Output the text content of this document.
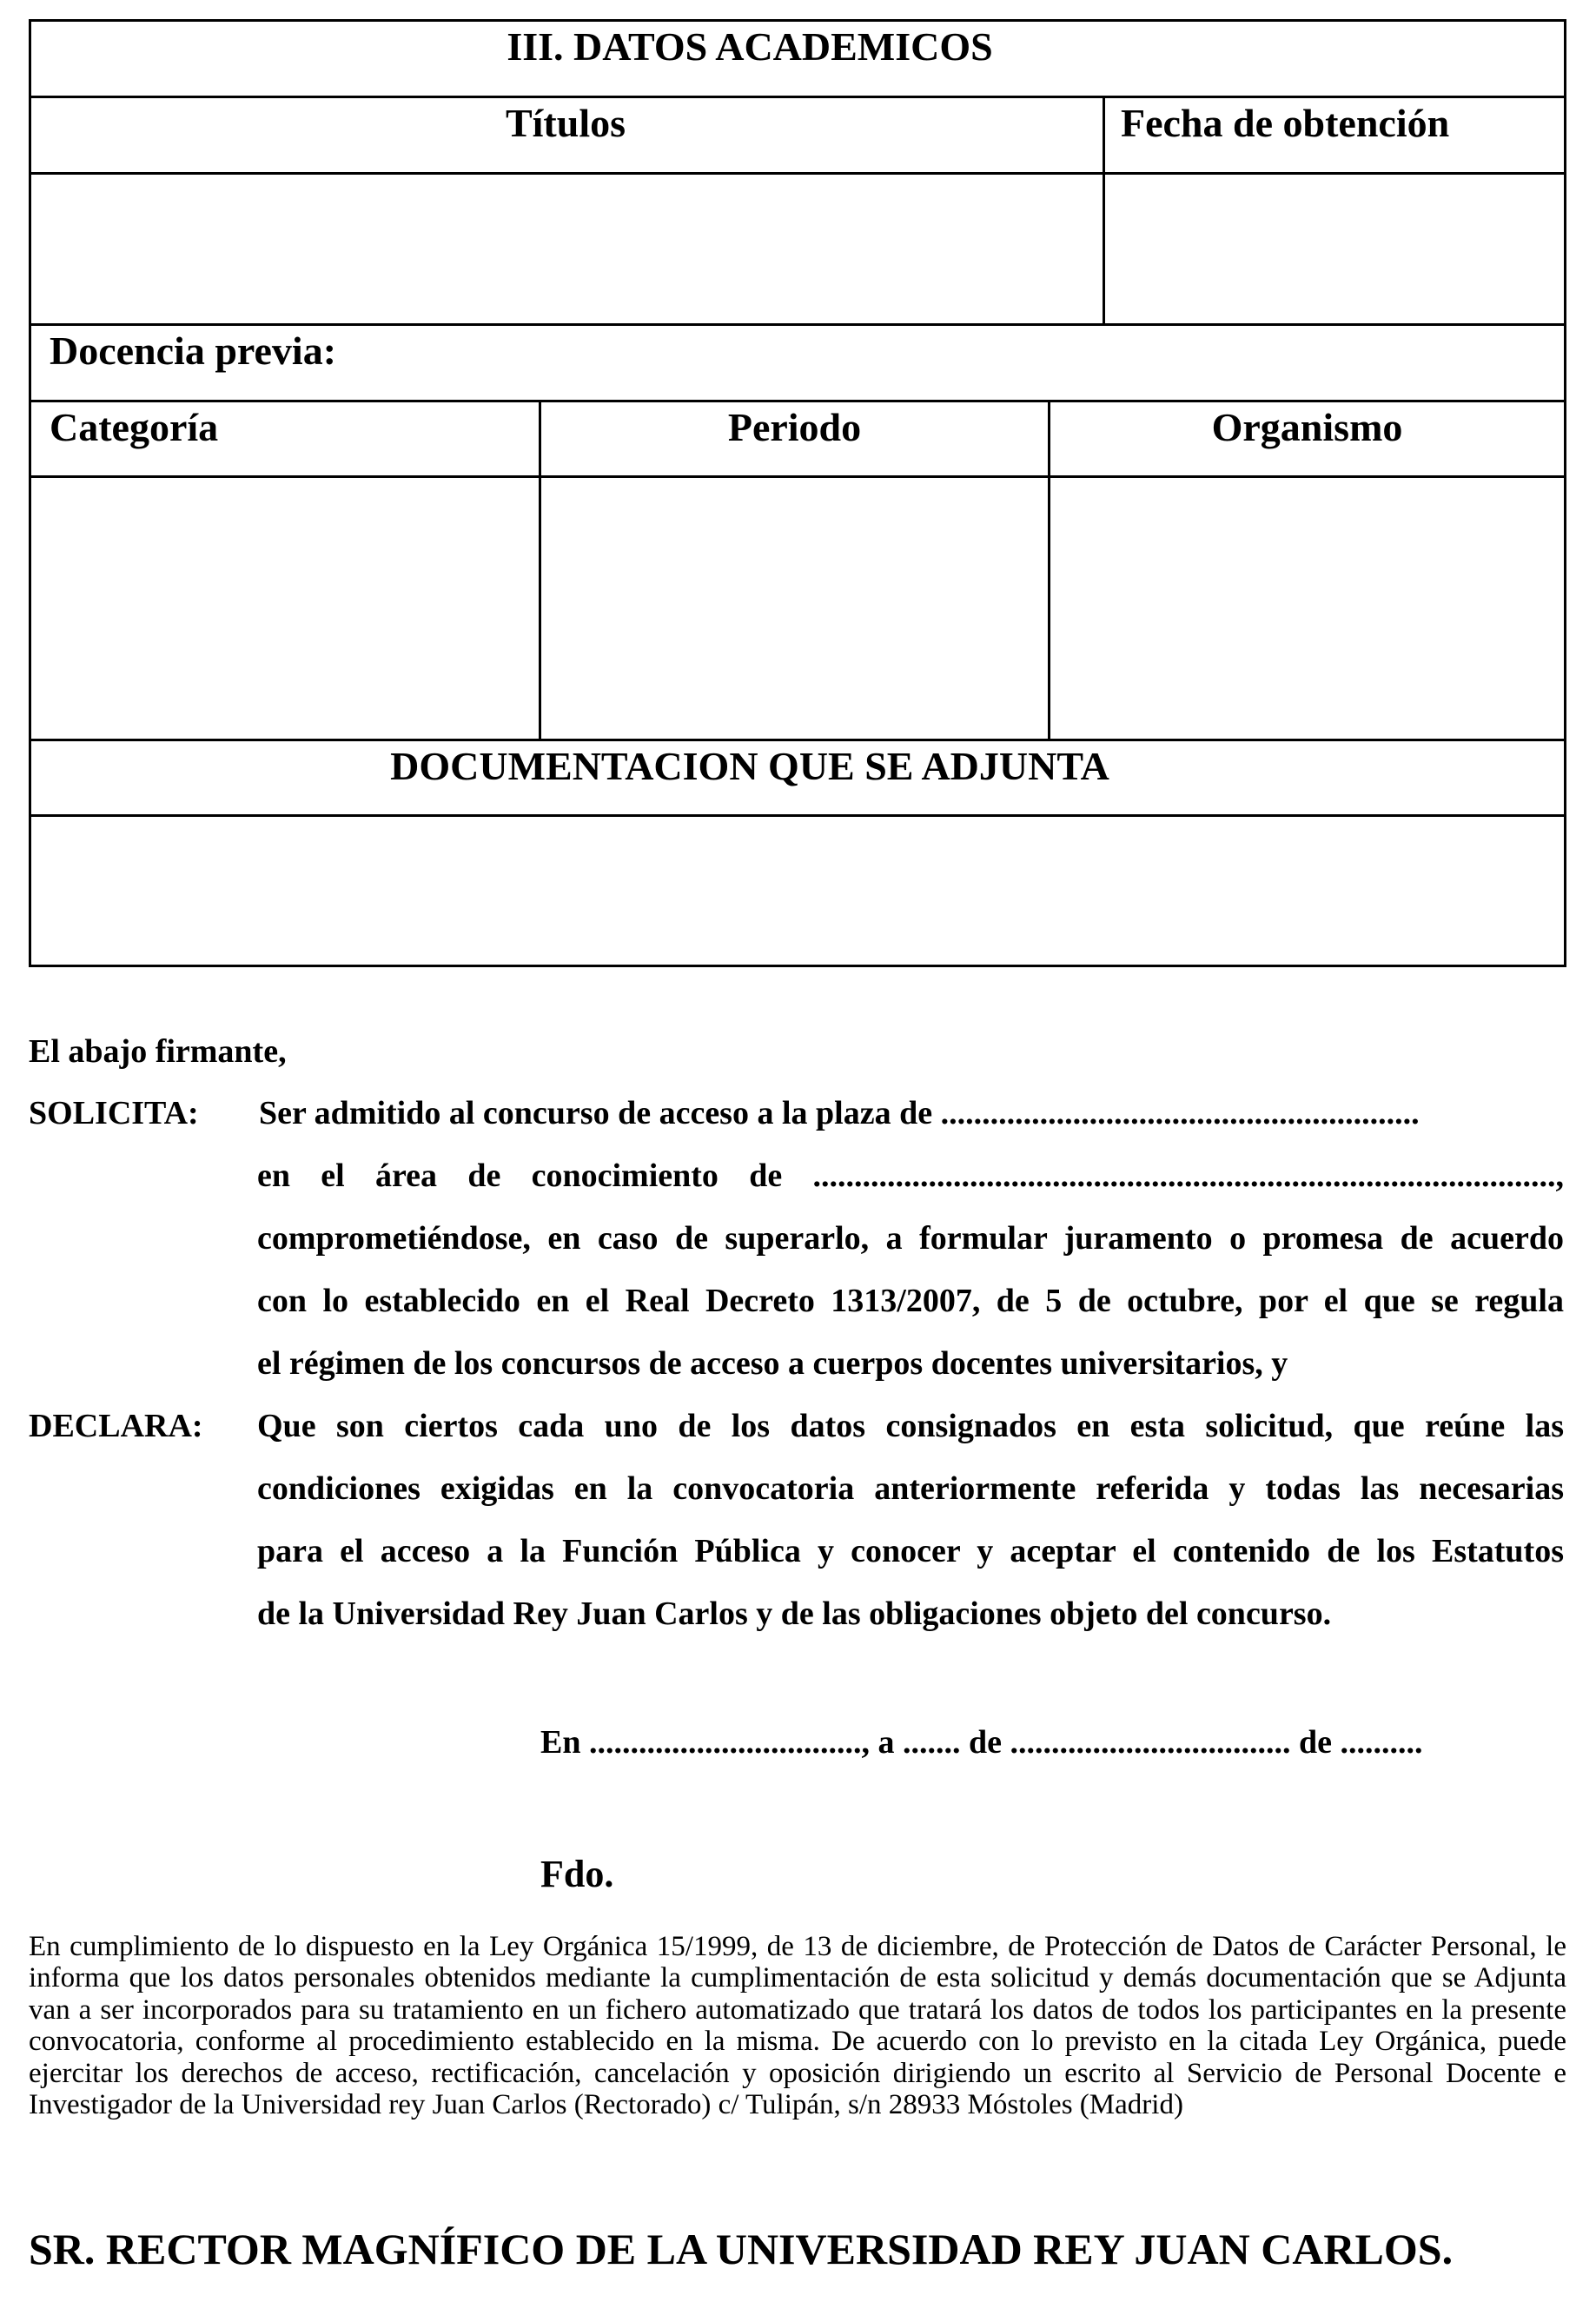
III. DATOS ACADEMICOS
Títulos	Fecha de obtención
Docencia previa:
Categoría	Periodo	Organismo
DOCUMENTACION QUE SE ADJUNTA
El abajo firmante,
SOLICITA: Ser admitido al concurso de acceso a la plaza de ..........................................................
en el área de conocimiento de ..........................................................................................,
comprometiéndose, en caso de superarlo, a formular juramento o promesa de acuerdo
con lo establecido en el Real Decreto 1313/2007, de 5 de octubre, por el que se regula
el régimen de los concursos de acceso a cuerpos docentes universitarios, y
DECLARA: Que son ciertos cada uno de los datos consignados en esta solicitud, que reúne las
condiciones exigidas en la convocatoria anteriormente referida y todas las necesarias
para el acceso a la Función Pública y conocer y aceptar el contenido de los Estatutos
de la Universidad Rey Juan Carlos y de las obligaciones objeto del concurso.
En ................................., a ....... de .................................. de ..........
Fdo.
En cumplimiento de lo dispuesto en la Ley Orgánica 15/1999, de 13 de diciembre, de Protección de Datos de Carácter Personal, le informa que los datos personales obtenidos mediante la cumplimentación de esta solicitud y demás documentación que se Adjunta van a ser incorporados para su tratamiento en un fichero automatizado que tratará los datos de todos los participantes en la presente convocatoria, conforme al procedimiento establecido en la misma. De acuerdo con lo previsto en la citada Ley Orgánica, puede ejercitar los derechos de acceso, rectificación, cancelación y oposición dirigiendo un escrito al Servicio de Personal Docente e Investigador de la Universidad rey Juan Carlos (Rectorado) c/ Tulipán, s/n 28933 Móstoles (Madrid)
SR. RECTOR MAGNÍFICO DE LA UNIVERSIDAD REY JUAN CARLOS.
